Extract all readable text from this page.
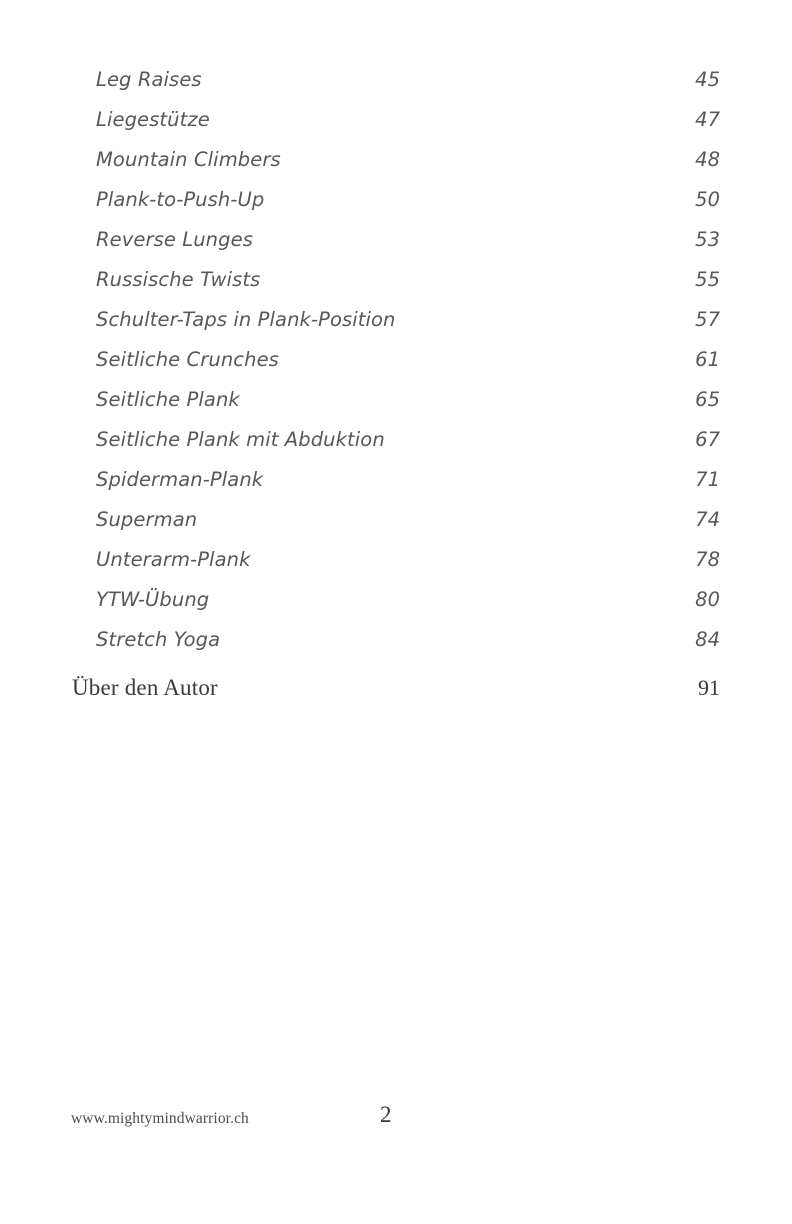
Leg Raises	45
Liegestütze	47
Mountain Climbers	48
Plank-to-Push-Up	50
Reverse Lunges	53
Russische Twists	55
Schulter-Taps in Plank-Position	57
Seitliche Crunches	61
Seitliche Plank	65
Seitliche Plank mit Abduktion	67
Spiderman-Plank	71
Superman	74
Unterarm-Plank	78
YTW-Übung	80
Stretch Yoga	84
Über den Autor	91
www.mightymindwarrior.ch	2
